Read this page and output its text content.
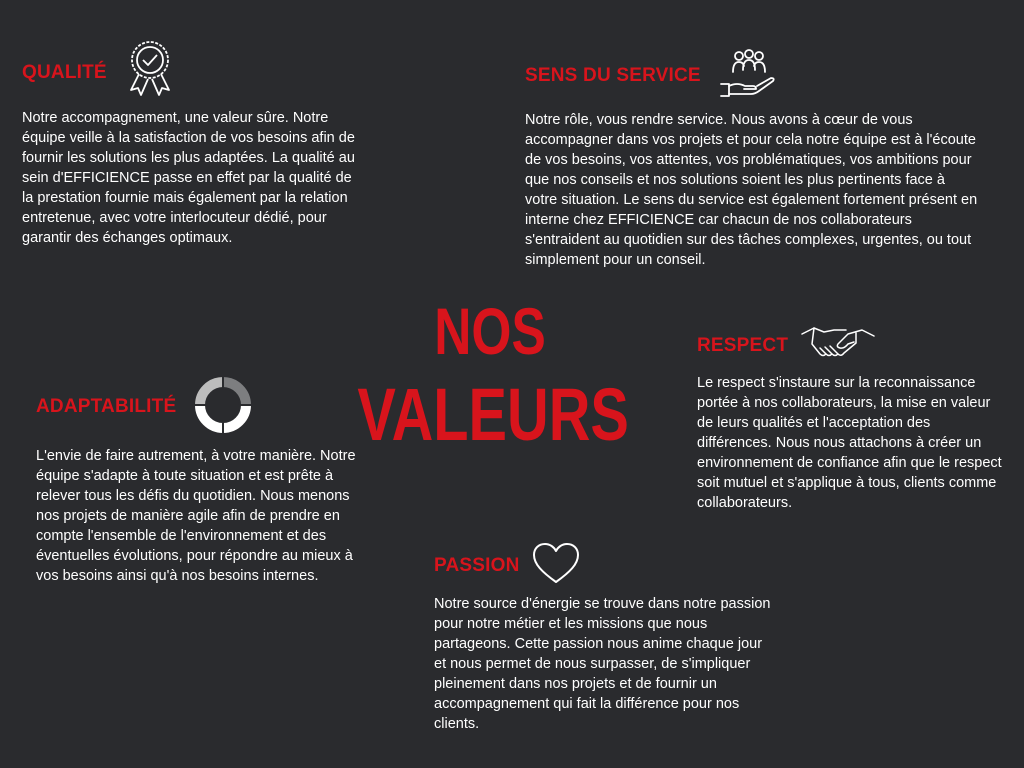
NOS
VALEURS
QUALITÉ

Notre accompagnement, une valeur sûre. Notre équipe veille à la satisfaction de vos besoins afin de fournir les solutions les plus adaptées. La qualité au sein d'EFFICIENCE passe en effet par la qualité de la prestation fournie mais également par la relation entretenue, avec votre interlocuteur dédié, pour garantir des échanges optimaux.

SENS DU SERVICE

Notre rôle, vous rendre service. Nous avons à cœur de vous accompagner dans vos projets et pour cela notre équipe est à l'écoute de vos besoins, vos attentes, vos problématiques, vos ambitions pour que nos conseils et nos solutions soient les plus pertinents face à votre situation. Le sens du service est également fortement présent en interne chez EFFICIENCE car chacun de nos collaborateurs s'entraident au quotidien sur des tâches complexes, urgentes, ou tout simplement pour un conseil.

RESPECT

Le respect s'instaure sur la reconnaissance portée à nos collaborateurs, la mise en valeur de leurs qualités et l'acceptation des différences. Nous nous attachons à créer un environnement de confiance afin que le respect soit mutuel et s'applique à tous, clients comme collaborateurs.

ADAPTABILITÉ

L'envie de faire autrement, à votre manière. Notre équipe s'adapte à toute situation et est prête à relever tous les défis du quotidien. Nous menons nos projets de manière agile afin de prendre en compte l'ensemble de l'environnement et des éventuelles évolutions, pour répondre au mieux à vos besoins ainsi qu'à nos besoins internes.	PASSION

Notre source d'énergie se trouve dans notre passion pour notre métier et les missions que nous partageons. Cette passion nous anime chaque jour et nous permet de nous surpasser, de s'impliquer pleinement dans nos projets et de fournir un accompagnement qui fait la différence pour nos clients.
